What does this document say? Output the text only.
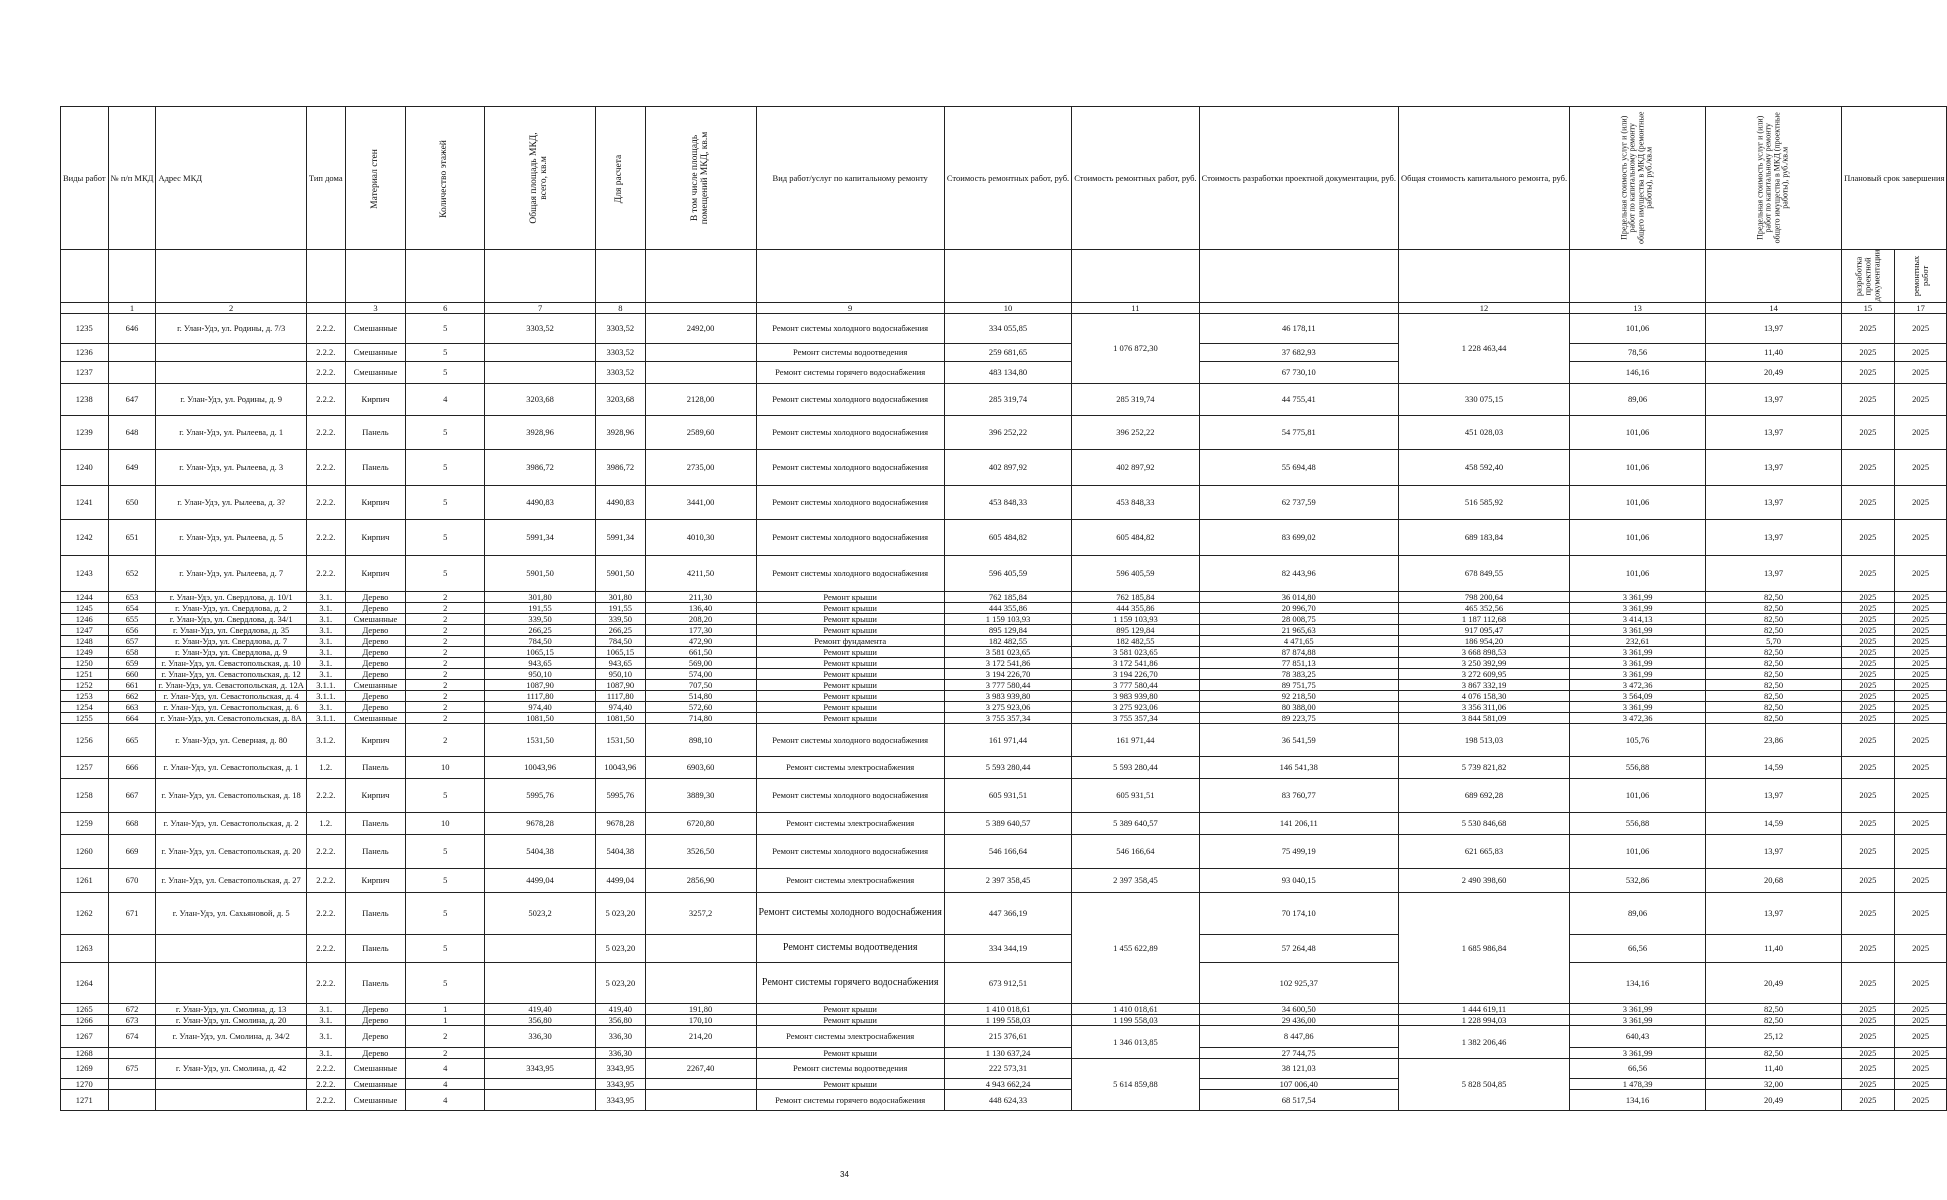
Виды работ	№ п/п МКД	Адрес МКД	Тип дома	Материал стен	Количество этажей	Общая площадь МКД, всего, кв.м	Для расчета	В том числе площадь помещений МКД, кв.м	Вид работ/услуг по капитальному ремонту	Стоимость ремонтных работ, руб.	Стоимость ремонтных работ, руб.	Стоимость разработки проектной документации, руб.	Общая стоимость капитального ремонта, руб.	Предельная стоимость услуг и (или) работ по капитальному ремонту общего имущества в МКД (ремонтные работы), руб./кв.м	Предельная стоимость услуг и (или) работ по капитальному ремонту общего имущества в МКД (проектные работы), руб./кв.м	Плановый срок завершения	
																разработка проектной документации	ремонтных работ
	1	2		3	6	7	8		9	10	11		12	13	14	15	17
1235	646	г. Улан-Удэ, ул. Родины, д. 7/3	2.2.2.	Смешанные	5	3303,52	3303,52	2492,00	Ремонт системы холодного водоснабжения	334 055,85	1 076 872,30	46 178,11	1 228 463,44	101,06	13,97	2025	2025
1236			2.2.2.	Смешанные	5		3303,52		Ремонт системы водоотведения	259 681,65		37 682,93		78,56	11,40	2025	2025
1237			2.2.2.	Смешанные	5		3303,52		Ремонт системы горячего водоснабжения	483 134,80		67 730,10		146,16	20,49	2025	2025
1238	647	г. Улан-Удэ, ул. Родины, д. 9	2.2.2.	Кирпич	4	3203,68	3203,68	2128,00	Ремонт системы холодного водоснабжения	285 319,74	285 319,74	44 755,41	330 075,15	89,06	13,97	2025	2025
1239	648	г. Улан-Удэ, ул. Рылеева, д. 1	2.2.2.	Панель	5	3928,96	3928,96	2589,60	Ремонт системы холодного водоснабжения	396 252,22	396 252,22	54 775,81	451 028,03	101,06	13,97	2025	2025
1240	649	г. Улан-Удэ, ул. Рылеева, д. 3	2.2.2.	Панель	5	3986,72	3986,72	2735,00	Ремонт системы холодного водоснабжения	402 897,92	402 897,92	55 694,48	458 592,40	101,06	13,97	2025	2025
1241	650	г. Улан-Удэ, ул. Рылеева, д. 3?	2.2.2.	Кирпич	5	4490,83	4490,83	3441,00	Ремонт системы холодного водоснабжения	453 848,33	453 848,33	62 737,59	516 585,92	101,06	13,97	2025	2025
1242	651	г. Улан-Удэ, ул. Рылеева, д. 5	2.2.2.	Кирпич	5	5991,34	5991,34	4010,30	Ремонт системы холодного водоснабжения	605 484,82	605 484,82	83 699,02	689 183,84	101,06	13,97	2025	2025
1243	652	г. Улан-Удэ, ул. Рылеева, д. 7	2.2.2.	Кирпич	5	5901,50	5901,50	4211,50	Ремонт системы холодного водоснабжения	596 405,59	596 405,59	82 443,96	678 849,55	101,06	13,97	2025	2025
1244	653	г. Улан-Удэ, ул. Свердлова, д. 10/1	3.1.	Дерево	2	301,80	301,80	211,30	Ремонт крыши	762 185,84	762 185,84	36 014,80	798 200,64	3 361,99	82,50	2025	2025
1245	654	г. Улан-Удэ, ул. Свердлова, д. 2	3.1.	Дерево	2	191,55	191,55	136,40	Ремонт крыши	444 355,86	444 355,86	20 996,70	465 352,56	3 361,99	82,50	2025	2025
1246	655	г. Улан-Удэ, ул. Свердлова, д. 34/1	3.1.	Смешанные	2	339,50	339,50	208,20	Ремонт крыши	1 159 103,93	1 159 103,93	28 008,75	1 187 112,68	3 414,13	82,50	2025	2025
1247	656	г. Улан-Удэ, ул. Свердлова, д. 35	3.1.	Дерево	2	266,25	266,25	177,30	Ремонт крыши	895 129,84	895 129,84	21 965,63	917 095,47	3 361,99	82,50	2025	2025
1248	657	г. Улан-Удэ, ул. Свердлова, д. 7	3.1.	Дерево	2	784,50	784,50	472,90	Ремонт фундамента	182 482,55	182 482,55	4 471,65	186 954,20	232,61	5,70	2025	2025
1249	658	г. Улан-Удэ, ул. Свердлова, д. 9	3.1.	Дерево	2	1065,15	1065,15	661,50	Ремонт крыши	3 581 023,65	3 581 023,65	87 874,88	3 668 898,53	3 361,99	82,50	2025	2025
1250	659	г. Улан-Удэ, ул. Севастопольская, д. 10	3.1.	Дерево	2	943,65	943,65	569,00	Ремонт крыши	3 172 541,86	3 172 541,86	77 851,13	3 250 392,99	3 361,99	82,50	2025	2025
1251	660	г. Улан-Удэ, ул. Севастопольская, д. 12	3.1.	Дерево	2	950,10	950,10	574,00	Ремонт крыши	3 194 226,70	3 194 226,70	78 383,25	3 272 609,95	3 361,99	82,50	2025	2025
1252	661	г. Улан-Удэ, ул. Севастопольская, д. 12А	3.1.1.	Смешанные	2	1087,90	1087,90	707,50	Ремонт крыши	3 777 580,44	3 777 580,44	89 751,75	3 867 332,19	3 472,36	82,50	2025	2025
1253	662	г. Улан-Удэ, ул. Севастопольская, д. 4	3.1.1.	Дерево	2	1117,80	1117,80	514,80	Ремонт крыши	3 983 939,80	3 983 939,80	92 218,50	4 076 158,30	3 564,09	82,50	2025	2025
1254	663	г. Улан-Удэ, ул. Севастопольская, д. 6	3.1.	Дерево	2	974,40	974,40	572,60	Ремонт крыши	3 275 923,06	3 275 923,06	80 388,00	3 356 311,06	3 361,99	82,50	2025	2025
1255	664	г. Улан-Удэ, ул. Севастопольская, д. 8А	3.1.1.	Смешанные	2	1081,50	1081,50	714,80	Ремонт крыши	3 755 357,34	3 755 357,34	89 223,75	3 844 581,09	3 472,36	82,50	2025	2025
1256	665	г. Улан-Удэ, ул. Северная, д. 80	3.1.2.	Кирпич	2	1531,50	1531,50	898,10	Ремонт системы холодного водоснабжения	161 971,44	161 971,44	36 541,59	198 513,03	105,76	23,86	2025	2025
1257	666	г. Улан-Удэ, ул. Севастопольская, д. 1	1.2.	Панель	10	10043,96	10043,96	6903,60	Ремонт системы электроснабжения	5 593 280,44	5 593 280,44	146 541,38	5 739 821,82	556,88	14,59	2025	2025
1258	667	г. Улан-Удэ, ул. Севастопольская, д. 18	2.2.2.	Кирпич	5	5995,76	5995,76	3889,30	Ремонт системы холодного водоснабжения	605 931,51	605 931,51	83 760,77	689 692,28	101,06	13,97	2025	2025
1259	668	г. Улан-Удэ, ул. Севастопольская, д. 2	1.2.	Панель	10	9678,28	9678,28	6720,80	Ремонт системы электроснабжения	5 389 640,57	5 389 640,57	141 206,11	5 530 846,68	556,88	14,59	2025	2025
1260	669	г. Улан-Удэ, ул. Севастопольская, д. 20	2.2.2.	Панель	5	5404,38	5404,38	3526,50	Ремонт системы холодного водоснабжения	546 166,64	546 166,64	75 499,19	621 665,83	101,06	13,97	2025	2025
1261	670	г. Улан-Удэ, ул. Севастопольская, д. 27	2.2.2.	Кирпич	5	4499,04	4499,04	2856,90	Ремонт системы электроснабжения	2 397 358,45	2 397 358,45	93 040,15	2 490 398,60	532,86	20,68	2025	2025
1262	671	г. Улан-Удэ, ул. Сахьяновой, д. 5	2.2.2.	Панель	5	5023,2	5 023,20	3257,2	Ремонт системы холодного водоснабжения	447 366,19	1 455 622,89	70 174,10	1 685 986,84	89,06	13,97	2025	2025
1263			2.2.2.	Панель	5		5 023,20		Ремонт системы водоотведения	334 344,19		57 264,48		66,56	11,40	2025	2025
1264			2.2.2.	Панель	5		5 023,20		Ремонт системы горячего водоснабжения	673 912,51		102 925,37		134,16	20,49	2025	2025
1265	672	г. Улан-Удэ, ул. Смолина, д. 13	3.1.	Дерево	1	419,40	419,40	191,80	Ремонт крыши	1 410 018,61	1 410 018,61	34 600,50	1 444 619,11	3 361,99	82,50	2025	2025
1266	673	г. Улан-Удэ, ул. Смолина, д. 20	3.1.	Дерево	1	356,80	356,80	170,10	Ремонт крыши	1 199 558,03	1 199 558,03	29 436,00	1 228 994,03	3 361,99	82,50	2025	2025
1267	674	г. Улан-Удэ, ул. Смолина, д. 34/2	3.1.	Дерево	2	336,30	336,30	214,20	Ремонт системы электроснабжения	215 376,61	1 346 013,85	8 447,86	1 382 206,46	640,43	25,12	2025	2025
1268			3.1.	Дерево	2		336,30		Ремонт крыши	1 130 637,24		27 744,75		3 361,99	82,50	2025	2025
1269	675	г. Улан-Удэ, ул. Смолина, д. 42	2.2.2.	Смешанные	4	3343,95	3343,95	2267,40	Ремонт системы водоотведения	222 573,31	5 614 859,88	38 121,03	5 828 504,85	66,56	11,40	2025	2025
1270			2.2.2.	Смешанные	4		3343,95		Ремонт крыши	4 943 662,24		107 006,40		1 478,39	32,00	2025	2025
1271			2.2.2.	Смешанные	4		3343,95		Ремонт системы горячего водоснабжения	448 624,33		68 517,54		134,16	20,49	2025	2025
34
